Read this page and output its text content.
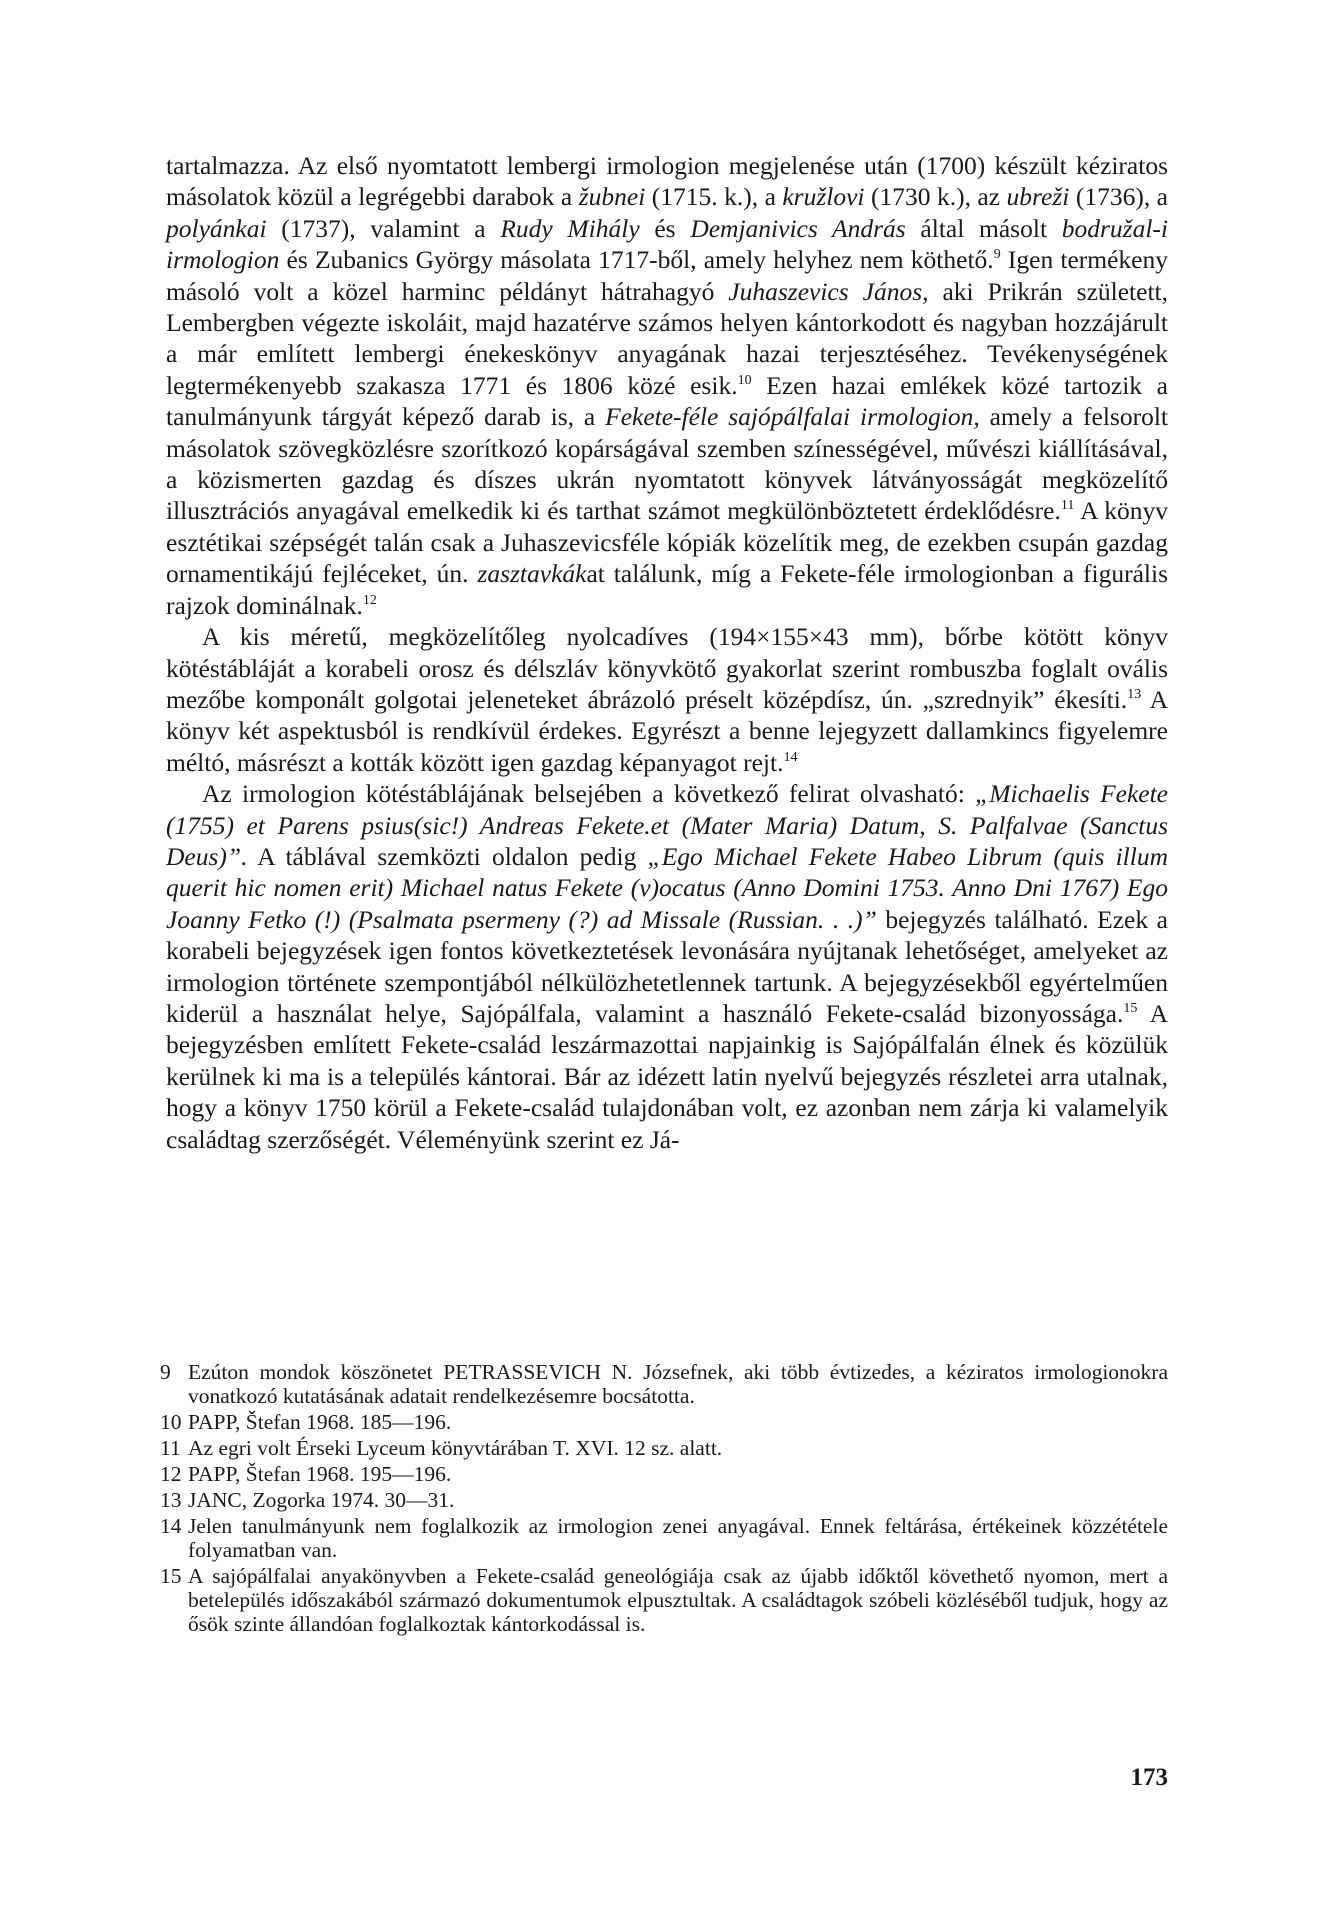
tartalmazza. Az első nyomtatott lembergi irmologion megjelenése után (1700) készült kéziratos másolatok közül a legrégebbi darabok a žubnei (1715. k.), a kružlovi (1730 k.), az ubreži (1736), a polyánkai (1737), valamint a Rudy Mihály és Demjanivics András által másolt bodružal-i irmologion és Zubanics György másolata 1717-ből, amely helyhez nem köthető.$^9$ Igen termékeny másoló volt a közel harminc példányt hátrahagyó Juhaszevics János, aki Prikrán született, Lembergben végezte iskoláit, majd hazatérve számos helyen kántorkodott és nagyban hozzájárult a már említett lembergi énekeskönyv anyagának hazai terjesztéséhez. Tevékenységének legtermékenyebb szakasza 1771 és 1806 közé esik.$^{10}$ Ezen hazai emlékek közé tartozik a tanulmányunk tárgyát képező darab is, a Fekete-féle sajópálfalai irmologion, amely a felsorolt másolatok szövegközlésre szorítkozó kopárságával szemben színességével, művészi kiállításával, a közismerten gazdag és díszes ukrán nyomtatott könyvek látványosságát megközelítő illusztrációs anyagával emelkedik ki és tarthat számot megkülönböztetett érdeklődésre.$^{11}$ A könyv esztétikai szépségét talán csak a Juhaszevicsféle kópiák közelítik meg, de ezekben csupán gazdag ornamentikájú fejléceket, ún. zasztavkákat találunk, míg a Fekete-féle irmologionban a figurális rajzok dominálnak.$^{12}$

A kis méretű, megközelítőleg nyolcadíves (194×155×43 mm), bőrbe kötött könyv kötéstábláját a korabeli orosz és délszláv könyvkötő gyakorlat szerint rombuszba foglalt ovális mezőbe komponált golgotai jeleneteket ábrázoló préselt középdísz, ún. „szrednyik” ékesíti.$^{13}$ A könyv két aspektusból is rendkívül érdekes. Egyrészt a benne lejegyzett dallamkincs figyelemre méltó, másrészt a kották között igen gazdag képanyagot rejt.$^{14}$

Az irmologion kötéstáblájának belsejében a következő felirat olvasható: „Michaelis Fekete (1755) et Parens psius(sic!) Andreas Fekete.et (Mater Maria) Datum, S. Palfalvae (Sanctus Deus)”. A táblával szemközti oldalon pedig „Ego Michael Fekete Habeo Librum (quis illum querit hic nomen erit) Michael natus Fekete (v)ocatus (Anno Domini 1753. Anno Dni 1767) Ego Joanny Fetko (!) (Psalmata psermeny (?) ad Missale (Russian. . .)” bejegyzés található. Ezek a korabeli bejegyzések igen fontos következtetések levonására nyújtanak lehetőséget, amelyeket az irmologion története szempontjából nélkülözhetetlennek tartunk. A bejegyzésekből egyértelműen kiderül a használat helye, Sajópálfala, valamint a használó Fekete-család bizonyossága.$^{15}$ A bejegyzésben említett Fekete-család leszármazottai napjainkig is Sajópálfalán élnek és közülük kerülnek ki ma is a település kántorai. Bár az idézett latin nyelvű bejegyzés részletei arra utalnak, hogy a könyv 1750 körül a Fekete-család tulajdonában volt, ez azonban nem zárja ki valamelyik családtag szerzőségét. Véleményünk szerint ez Já-

9 Ezúton mondok köszönetet PETRASSEVICH N. Józsefnek, aki több évtizedes, a kéziratos irmologionokra vonatkozó kutatásának adatait rendelkezésemre bocsátotta.
10 PAPP, Štefan 1968. 185—196.
11 Az egri volt Érseki Lyceum könyvtárában T. XVI. 12 sz. alatt.
12 PAPP, Štefan 1968. 195—196.
13 JANC, Zogorka 1974. 30—31.
14 Jelen tanulmányunk nem foglalkozik az irmologion zenei anyagával. Ennek feltárása, értékeinek közzététele folyamatban van.
15 A sajópálfalai anyakönyvben a Fekete-család geneológiája csak az újabb időktől követhető nyomon, mert a betelepülés időszakából származó dokumentumok elpusztultak. A családtagok szóbeli közléséből tudjuk, hogy az ősök szinte állandóan foglalkoztak kántorkodással is.
173
